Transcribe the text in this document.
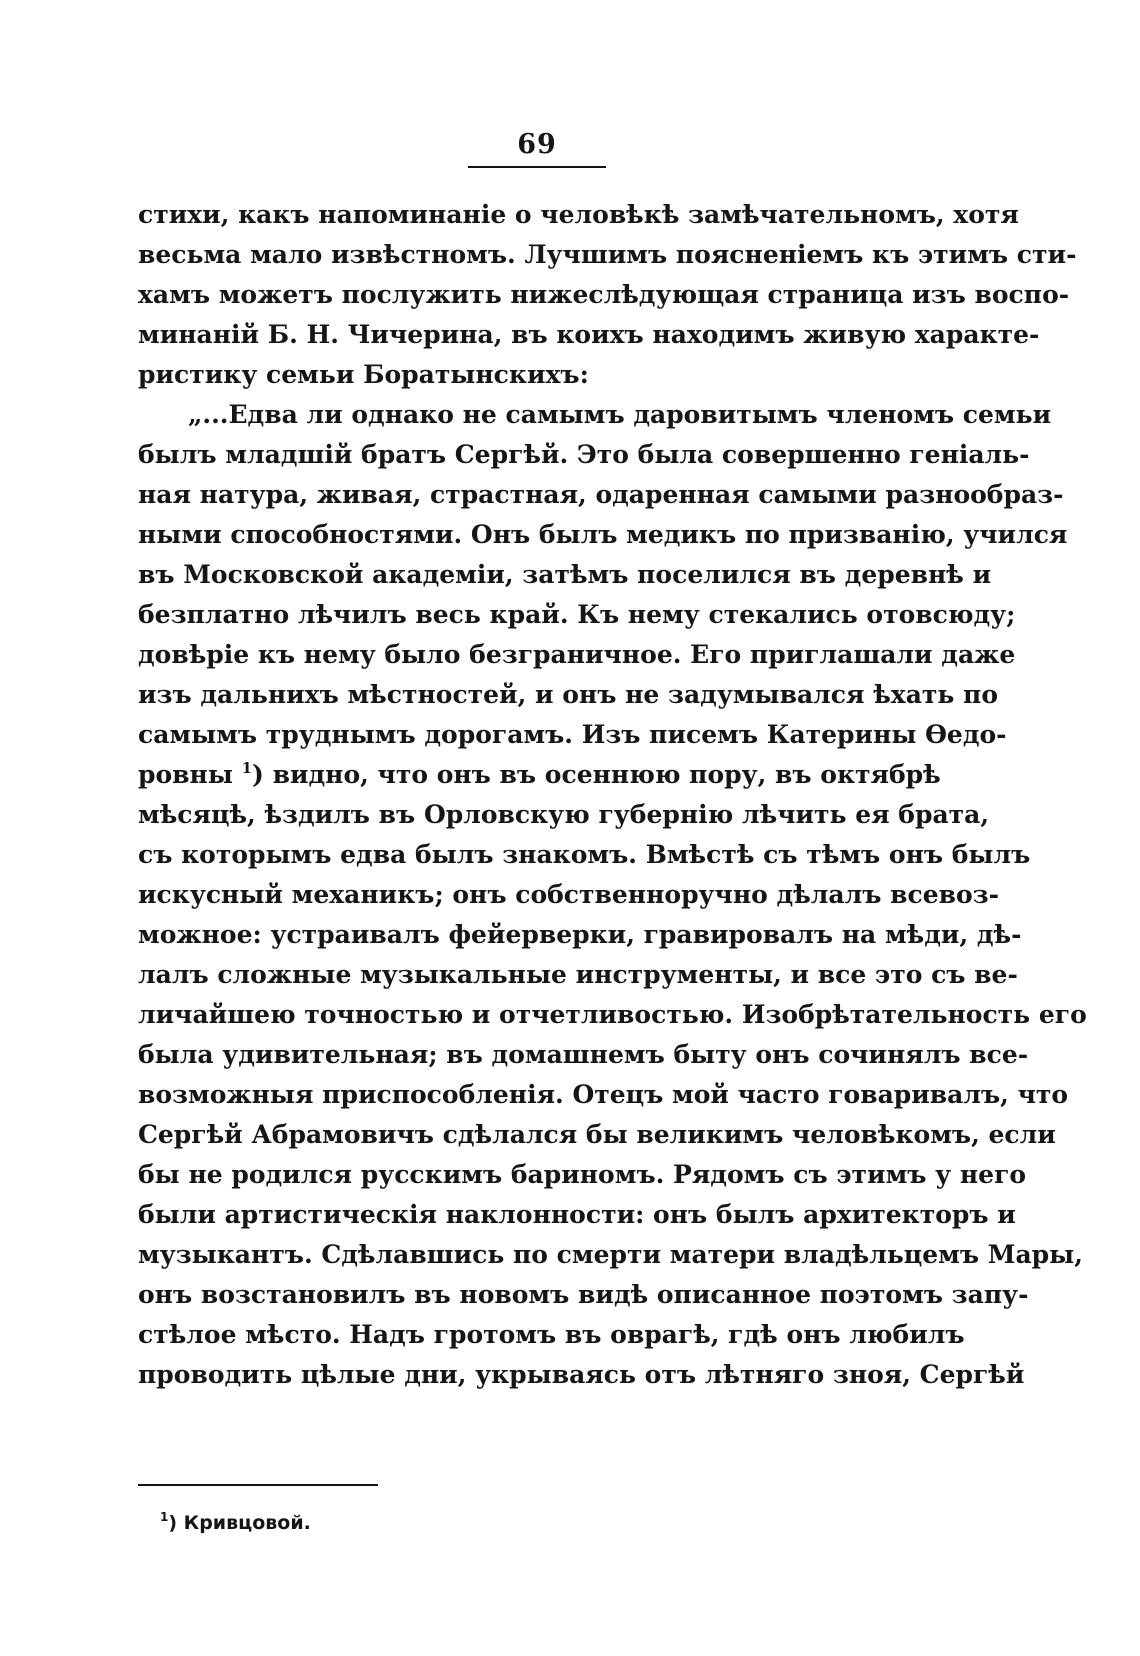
69
стихи, какъ напоминаніе о человѣкѣ замѣчательномъ, хотя
весьма мало извѣстномъ. Лучшимъ поясненіемъ къ этимъ сти-
хамъ можетъ послужить нижеслѣдующая страница изъ воспо-
минаній Б. Н. Чичерина, въ коихъ находимъ живую характе-
ристику семьи Боратынскихъ:
„...Едва ли однако не самымъ даровитымъ членомъ семьи
былъ младшій братъ Сергѣй. Это была совершенно геніаль-
ная натура, живая, страстная, одаренная самыми разнообраз-
ными способностями. Онъ былъ медикъ по призванію, учился
въ Московской академіи, затѣмъ поселился въ деревнѣ и
безплатно лѣчилъ весь край. Къ нему стекались отовсюду;
довѣріе къ нему было безграничное. Его приглашали даже
изъ дальнихъ мѣстностей, и онъ не задумывался ѣхать по
самымъ труднымъ дорогамъ. Изъ писемъ Катерины Ѳедо-
ровны $^1$) видно, что онъ въ осеннюю пору, въ октябрѣ
мѣсяцѣ, ѣздилъ въ Орловскую губернію лѣчить ея брата,
съ которымъ едва былъ знакомъ. Вмѣстѣ съ тѣмъ онъ былъ
искусный механикъ; онъ собственноручно дѣлалъ всевоз-
можное: устраивалъ фейерверки, гравировалъ на мѣди, дѣ-
лалъ сложные музыкальные инструменты, и все это съ ве-
личайшею точностью и отчетливостью. Изобрѣтательность его
была удивительная; въ домашнемъ быту онъ сочинялъ все-
возможныя приспособленія. Отецъ мой часто говаривалъ, что
Сергѣй Абрамовичъ сдѣлался бы великимъ человѣкомъ, если
бы не родился русскимъ бариномъ. Рядомъ съ этимъ у него
были артистическія наклонности: онъ былъ архитекторъ и
музыкантъ. Сдѣлавшись по смерти матери владѣльцемъ Мары,
онъ возстановилъ въ новомъ видѣ описанное поэтомъ запу-
стѣлое мѣсто. Надъ гротомъ въ оврагѣ, гдѣ онъ любилъ
проводить цѣлые дни, укрываясь отъ лѣтняго зноя, Сергѣй
$^1$) Кривцовой.
